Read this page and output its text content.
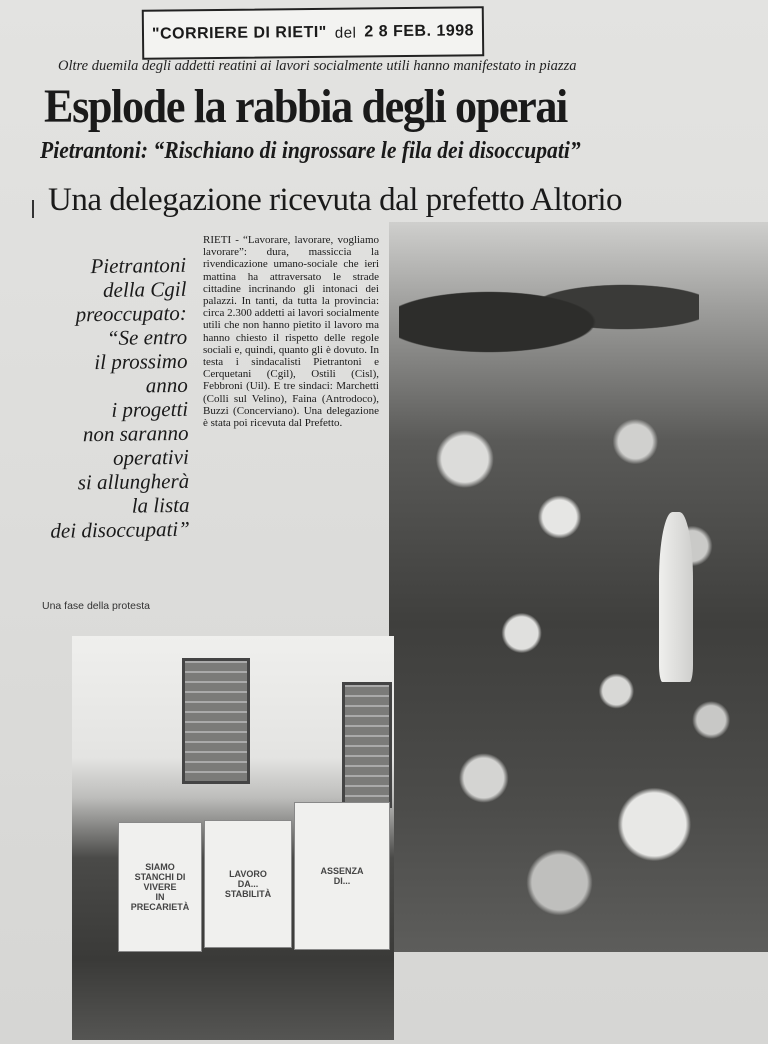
"CORRIERE DI RIETI" del 2 8 FEB. 1998
Oltre duemila degli addetti reatini ai lavori socialmente utili hanno manifestato in piazza
Esplode la rabbia degli operai
Pietrantoni: “Rischiano di ingrossare le fila dei disoccupati”
Una delegazione ricevuta dal prefetto Altorio
Pietrantoni
della Cgil
preoccupato:
“Se entro
il prossimo
anno
i progetti
non saranno
operativi
si allungherà
la lista
dei disoccupati”
RIETI - “Lavorare, lavorare, vogliamo lavorare”: dura, massiccia la rivendicazione umano-sociale che ieri mattina ha attraversato le strade cittadine incrinando gli intonaci dei palazzi. In tanti, da tutta la provincia: circa 2.300 addetti ai lavori socialmente utili che non hanno pietito il lavoro ma hanno chiesto il rispetto delle regole sociali e, quindi, quanto gli è dovuto. In testa i sindacalisti Pietrantoni e Cerquetani (Cgil), Ostili (Cisl), Febbroni (Uil). E tre sindaci: Marchetti (Colli sul Velino), Faina (Antrodoco), Buzzi (Concerviano). Una delegazione è stata poi ricevuta dal Prefetto.
Una fase della protesta
SIAMO
STANCHI DI
VIVERE
IN
PRECARIETÀ
LAVORO
DA...
STABILITÀ
ASSENZA
DI...
